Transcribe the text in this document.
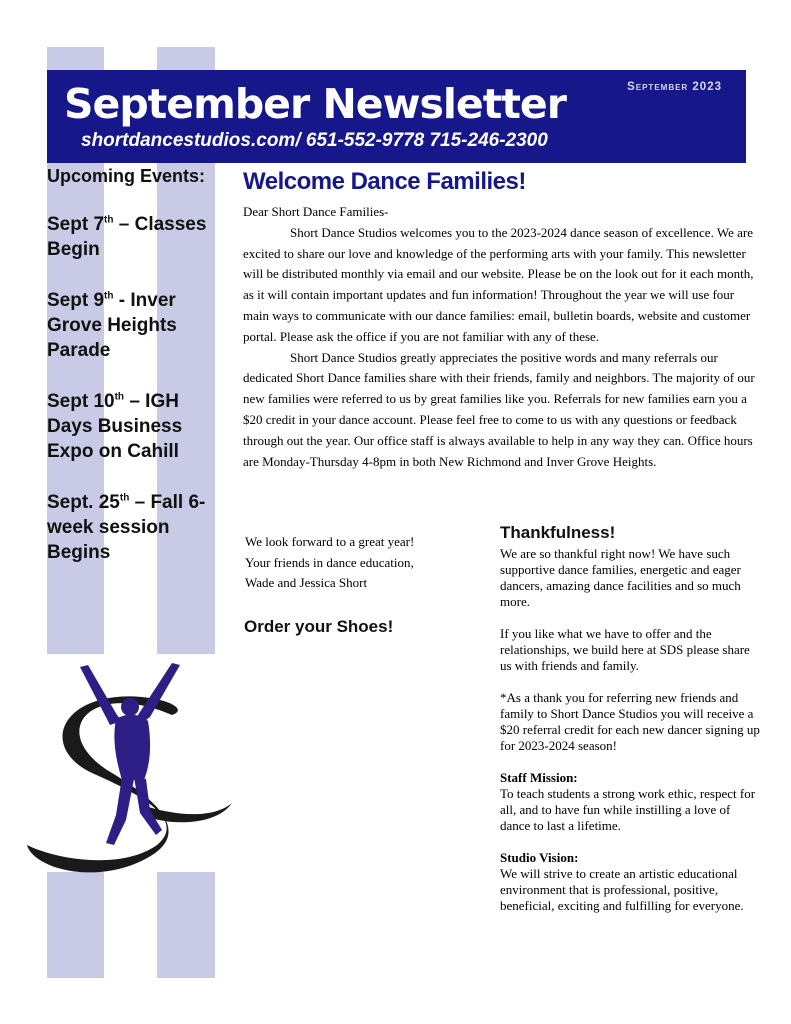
September Newsletter
shortdancestudios.com/ 651-552-9778 715-246-2300
September 2023
Upcoming Events:
Sept 7th – Classes Begin
Sept 9th - Inver Grove Heights Parade
Sept 10th – IGH Days Business Expo on Cahill
Sept. 25th – Fall 6-week session Begins
Welcome Dance Families!

Dear Short Dance Families-

Short Dance Studios welcomes you to the 2023-2024 dance season of excellence. We are excited to share our love and knowledge of the performing arts with your family. This newsletter will be distributed monthly via email and our website. Please be on the look out for it each month, as it will contain important updates and fun information! Throughout the year we will use four main ways to communicate with our dance families: email, bulletin boards, website and customer portal. Please ask the office if you are not familiar with any of these.

Short Dance Studios greatly appreciates the positive words and many referrals our dedicated Short Dance families share with their friends, family and neighbors. The majority of our new families were referred to us by great families like you. Referrals for new families earn you a $20 credit in your dance account. Please feel free to come to us with any questions or feedback through out the year. Our office staff is always available to help in any way they can. Office hours are Monday-Thursday 4-8pm in both New Richmond and Inver Grove Heights.

We look forward to a great year!
Your friends in dance education,
Wade and Jessica Short
Order your Shoes!
Thankfulness!

We are so thankful right now! We have such supportive dance families, energetic and eager dancers, amazing dance facilities and so much more.

If you like what we have to offer and the relationships, we build here at SDS please share us with friends and family.

*As a thank you for referring new friends and family to Short Dance Studios you will receive a $20 referral credit for each new dancer signing up for 2023-2024 season!

Staff Mission:
To teach students a strong work ethic, respect for all, and to have fun while instilling a love of dance to last a lifetime.

Studio Vision:
We will strive to create an artistic educational environment that is professional, positive, beneficial, exciting and fulfilling for everyone.
